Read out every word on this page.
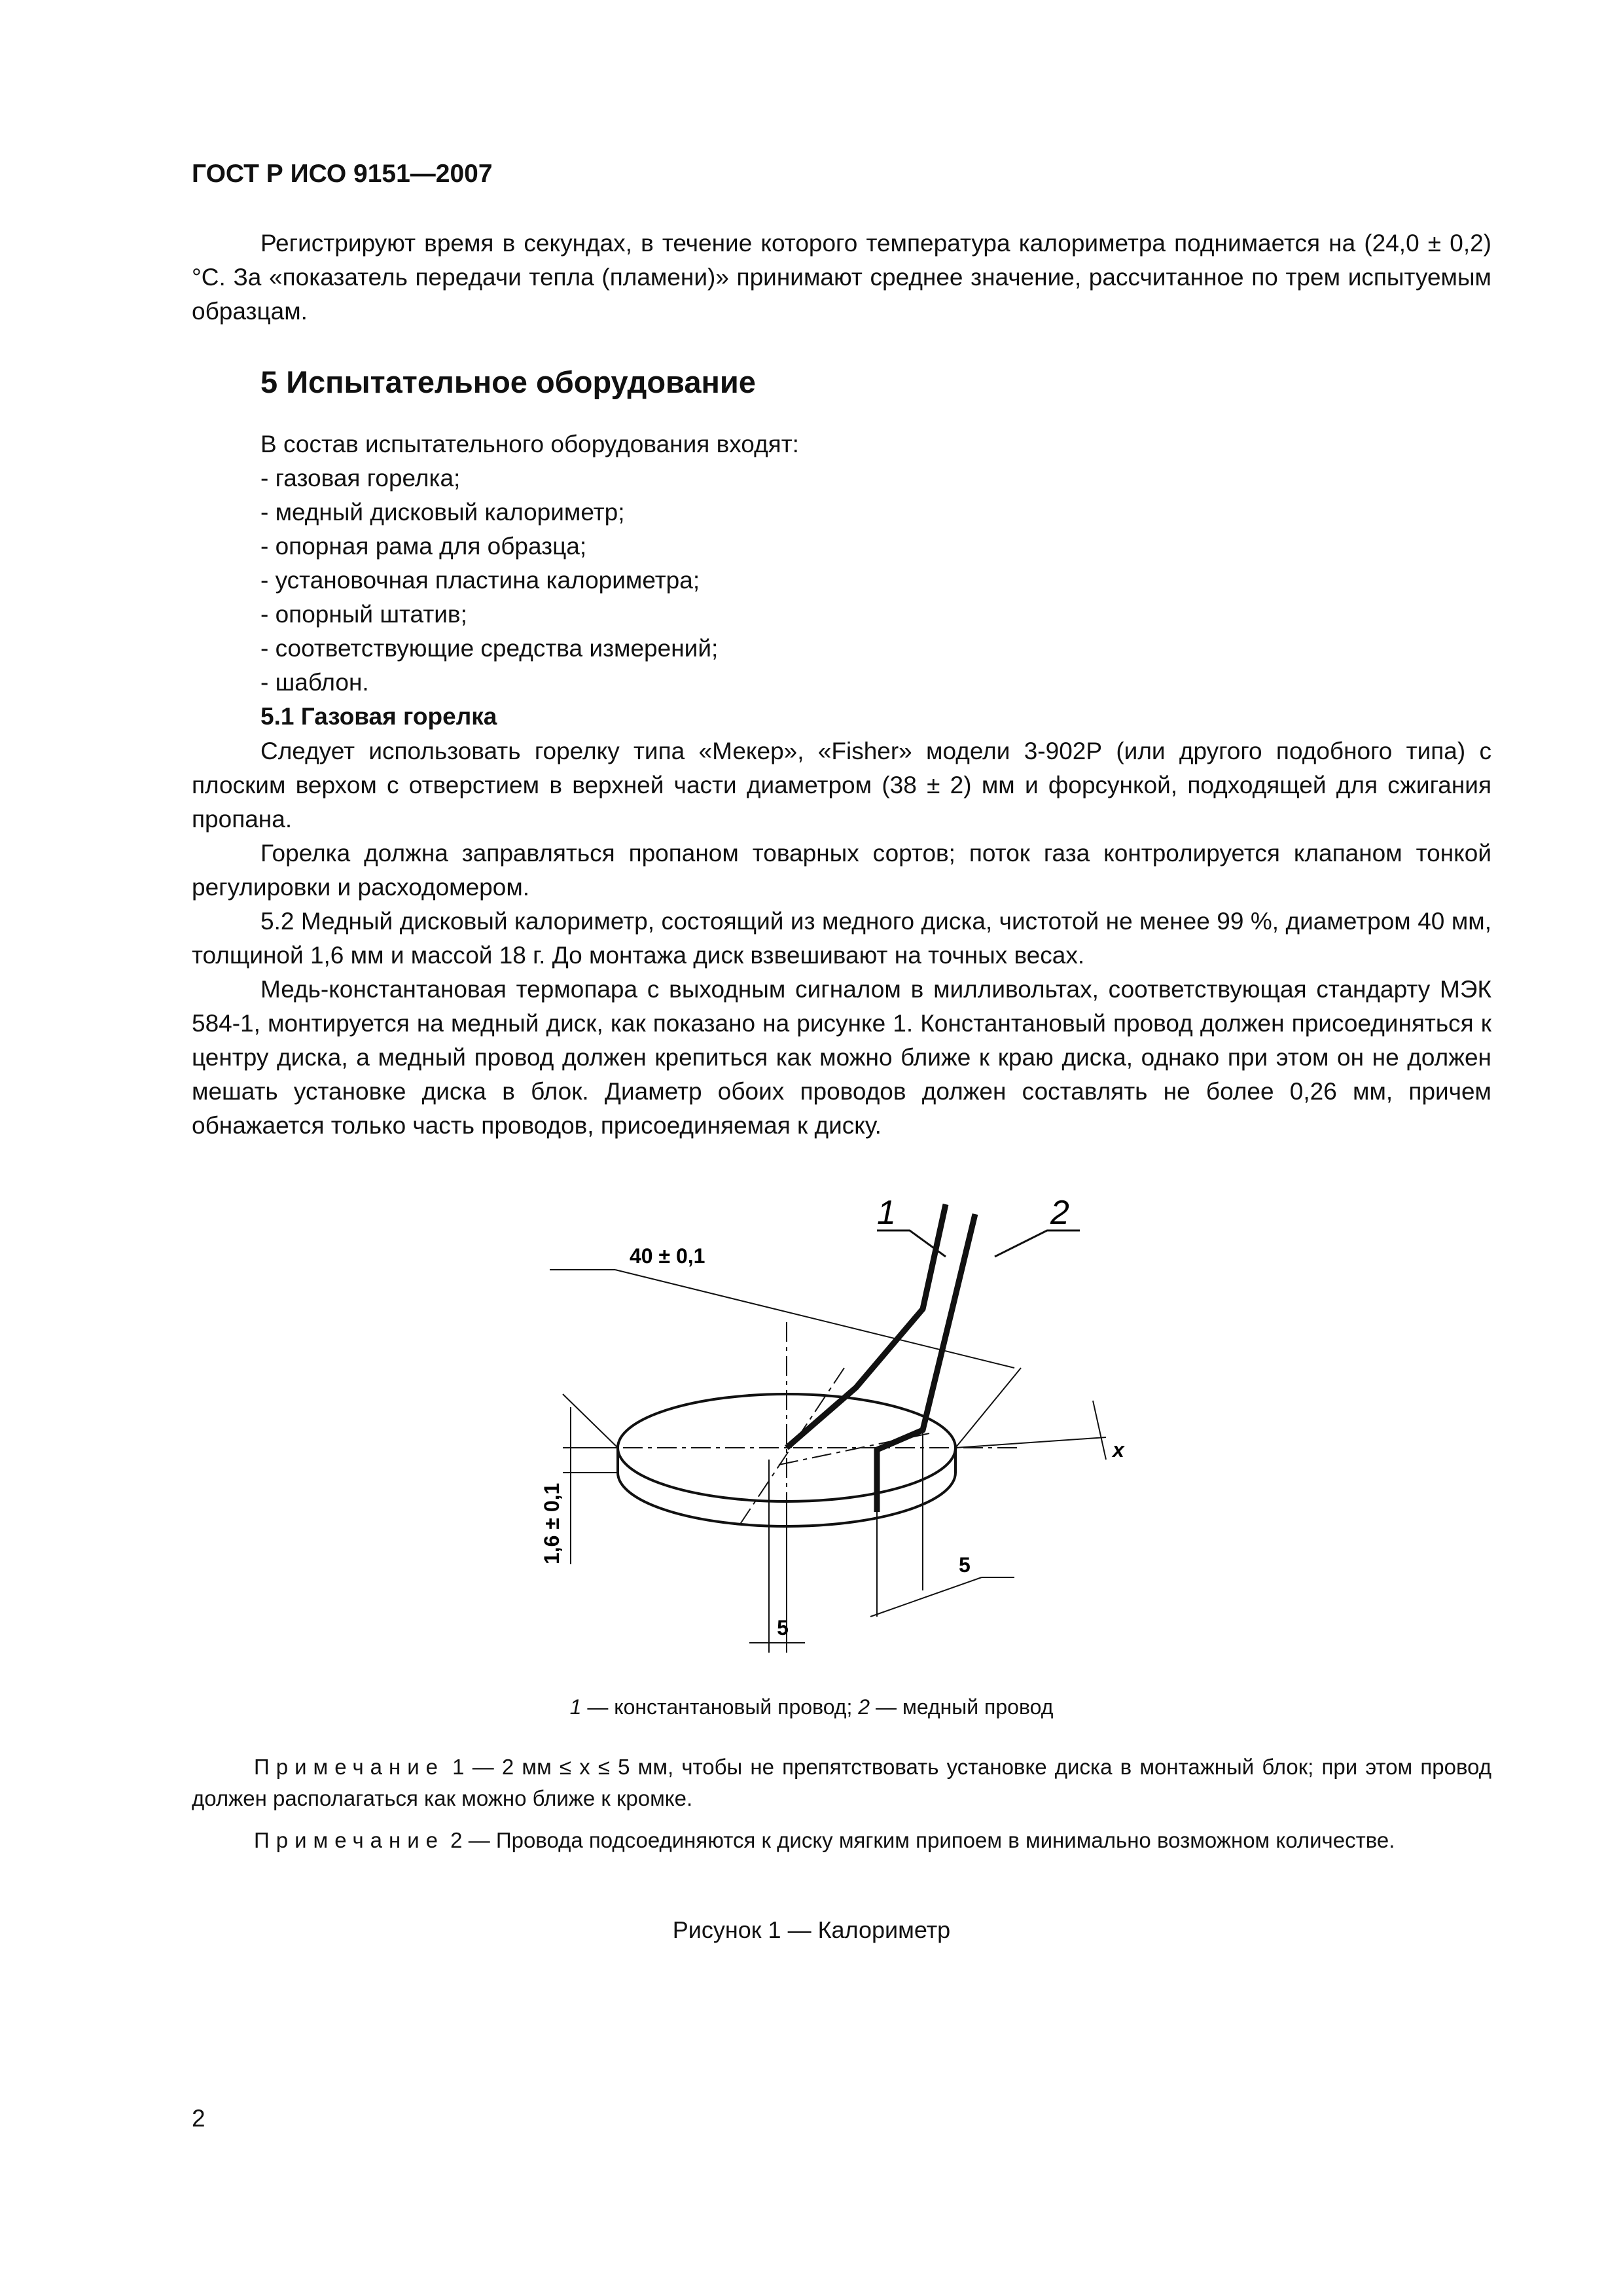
ГОСТ Р ИСО 9151—2007

Регистрируют время в секундах, в течение которого температура калориметра поднимается на (24,0 ± 0,2) °С. За «показатель передачи тепла (пламени)» принимают среднее значение, рассчитанное по трем испытуемым образцам.

5 Испытательное оборудование
В состав испытательного оборудования входят:
- газовая горелка;
- медный дисковый калориметр;
- опорная рама для образца;
- установочная пластина калориметра;
- опорный штатив;
- соответствующие средства измерений;
- шаблон.
5.1 Газовая горелка

Следует использовать горелку типа «Мекер», «Fisher» модели 3-902Р (или другого подобного типа) с плоским верхом с отверстием в верхней части диаметром (38 ± 2) мм и форсункой, подходящей для сжигания пропана.

Горелка должна заправляться пропаном товарных сортов; поток газа контролируется клапаном тонкой регулировки и расходомером.

5.2 Медный дисковый калориметр, состоящий из медного диска, чистотой не менее 99 %, диаметром 40 мм, толщиной 1,6 мм и массой 18 г. До монтажа диск взвешивают на точных весах.

Медь-константановая термопара с выходным сигналом в милливольтах, соответствующая стандарту МЭК 584-1, монтируется на медный диск, как показано на рисунке 1. Константановый провод должен присоединяться к центру диска, а медный провод должен крепиться как можно ближе к краю диска, однако при этом он не должен мешать установке диска в блок. Диаметр обоих проводов должен составлять не более 0,26 мм, причем обнажается только часть проводов, присоединяемая к диску.

1	2
40 ± 0,1
x
1,6 ± 0,1
5
5
1 — константановый провод; 2 — медный провод
Примечание 1 — 2 мм ≤ x ≤ 5 мм, чтобы не препятствовать установке диска в монтажный блок; при этом провод должен располагаться как можно ближе к кромке.
Примечание 2 — Провода подсоединяются к диску мягким припоем в минимально возможном количестве.
Рисунок 1 — Калориметр
2
